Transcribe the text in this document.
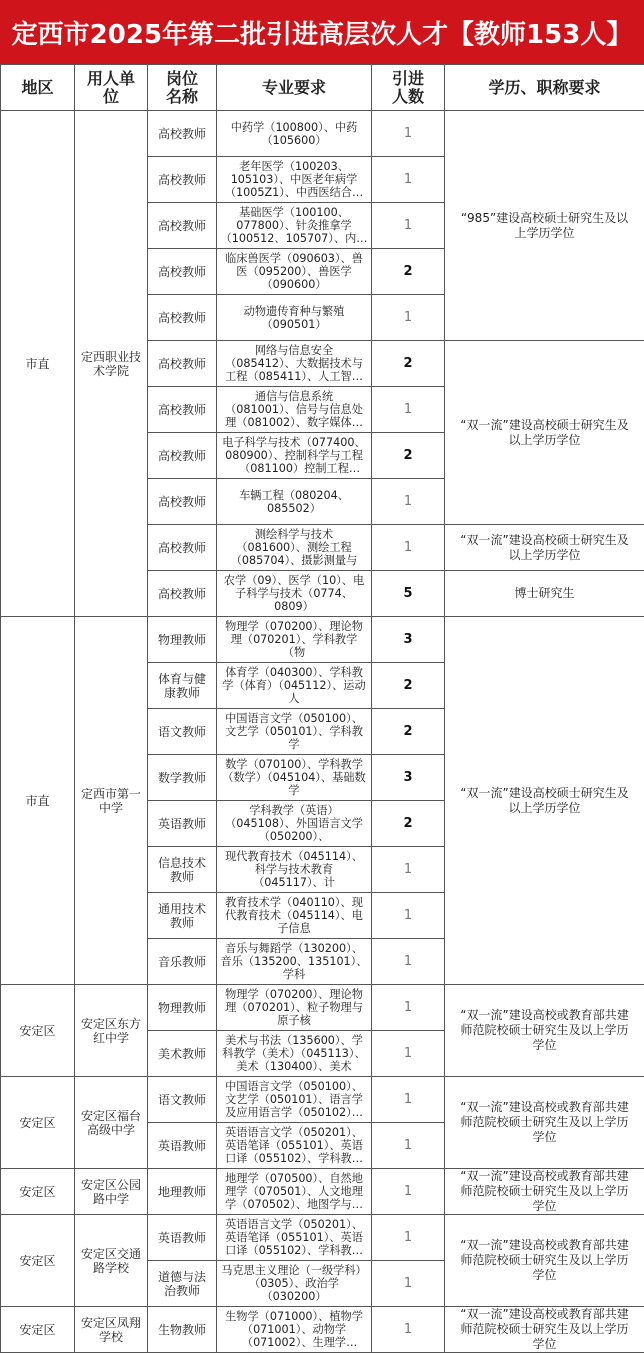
定西市2025年第二批引进高层次人才【教师153人】
地区	用人单位	岗位名称	专业要求	引进人数	学历、职称要求
市直	定西职业技术学院	高校教师	中药学（100800）、中药（105600）	1	“985”建设高校硕士研究生及以上学历学位

		高校教师	老年医学（100203、105103）、中医老年病学（1005Z1）、中西医结合临	1	

		高校教师	基础医学（100100、077800）、针灸推拿学（100512、105707）、内科	1	

		高校教师	临床兽医学（090603）、兽医（095200）、兽医学（090600）	2	

		高校教师	动物遗传育种与繁殖（090501）	1	

		高校教师	网络与信息安全（085412）、大数据技术与工程（085411）、人工智能	2	“双一流”建设高校硕士研究生及以上学历学位

		高校教师	通信与信息系统（081001）、信号与信息处理（081002）、数字媒体技	1	

		高校教师	电子科学与技术（077400、080900）、控制科学与工程（081100）控制工程	2	

		高校教师	车辆工程（080204、085502）	1	

		高校教师	测绘科学与技术（081600）、测绘工程（085704）、摄影测量与	1	“双一流”建设高校硕士研究生及以上学历学位

		高校教师	农学（09）、医学（10）、电子科学与技术（0774、0809）	5	博士研究生

市直	定西市第一中学	物理教师	物理学（070200）、理论物理（070201）、学科教学（物	3	“双一流”建设高校硕士研究生及以上学历学位

		体育与健康教师	体育学（040300）、学科教学（体育）（045112）、运动人	2	

		语文教师	中国语言文学（050100）、文艺学（050101）、学科教学	2	

		数学教师	数学（070100）、学科教学（数学）（045104）、基础数学	3	

		英语教师	学科教学（英语）（045108）、外国语言文学（050200）、	2	

		信息技术教师	现代教育技术（045114）、科学与技术教育（045117）、计	1	

		通用技术教师	教育技术学（040110）、现代教育技术（045114）、电子信息	1	

		音乐教师	音乐与舞蹈学（130200）、音乐（135200、135101）、学科	1	
安定区	安定区东方红中学	物理教师	物理学（070200）、理论物理（070201）、粒子物理与原子核	1	“双一流”建设高校或教育部共建师范院校硕士研究生及以上学历学位

		美术教师	美术与书法（135600）、学科教学（美术）（045113）、美术（130400）、美术	1	
安定区	安定区福台高级中学	语文教师	中国语言文学（050100）、文艺学（050101）、语言学及应用语言学（050102）、	1	“双一流”建设高校或教育部共建师范院校硕士研究生及以上学历学位

		英语教师	英语语言文学（050201）、英语笔译（055101）、英语口译（055102）、学科教学	1	
安定区	安定区公园路中学	地理教师	地理学（070500）、自然地理学（070501）、人文地理学（070502）、地图学与地	1	“双一流”建设高校或教育部共建师范院校硕士研究生及以上学历学位

安定区	安定区交通路学校	英语教师	英语语言文学（050201）、英语笔译（055101）、英语口译（055102）、学科教学	1	“双一流”建设高校或教育部共建师范院校硕士研究生及以上学历学位

		道德与法治教师	马克思主义理论（一级学科）（0305）、政治学（030200）	1	
安定区	安定区凤翔学校	生物教师	生物学（071000）、植物学（071001）、动物学（071002）、生理学	1	“双一流”建设高校或教育部共建师范院校硕士研究生及以上学历学位
